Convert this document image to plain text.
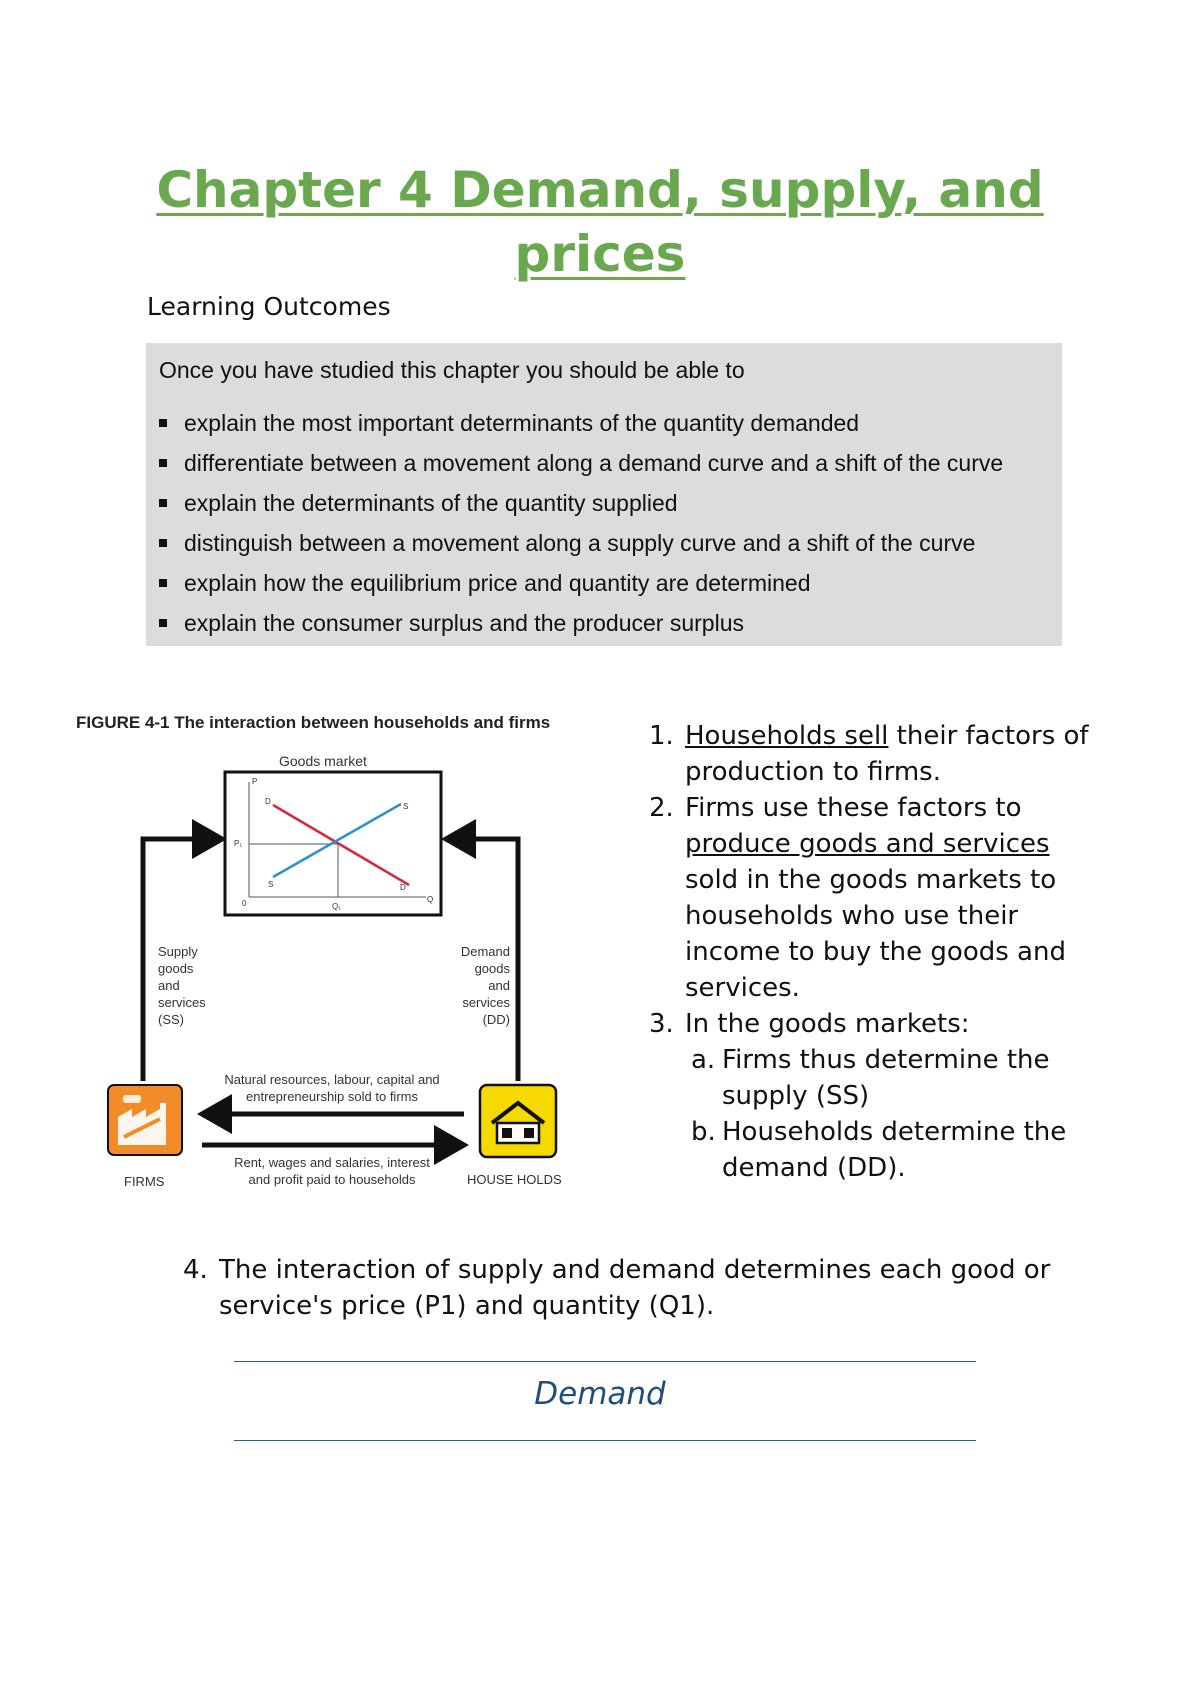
Chapter 4 Demand, supply, and
prices
Learning Outcomes
Once you have studied this chapter you should be able to
explain the most important determinants of the quantity demanded
differentiate between a movement along a demand curve and a shift of the curve
explain the determinants of the quantity supplied
distinguish between a movement along a supply curve and a shift of the curve
explain how the equilibrium price and quantity are determined
explain the consumer surplus and the producer surplus
FIGURE 4-1 The interaction between households and firms
Goods market
P
Q
0
P₁
Q₁
D
D
S
S
Supply
goods
and
services
(SS)
Demand
goods
and
services
(DD)
Natural resources, labour, capital and
entrepreneurship sold to firms
Rent, wages and salaries, interest
and profit paid to households
FIRMS	HOUSE HOLDS
1. Households sell their factors of production to firms.
2. Firms use these factors to produce goods and services sold in the goods markets to households who use their income to buy the goods and services.
3. In the goods markets:
a. Firms thus determine the supply (SS)
b. Households determine the demand (DD).
4. The interaction of supply and demand determines each good or service's price (P1) and quantity (Q1).
Demand
